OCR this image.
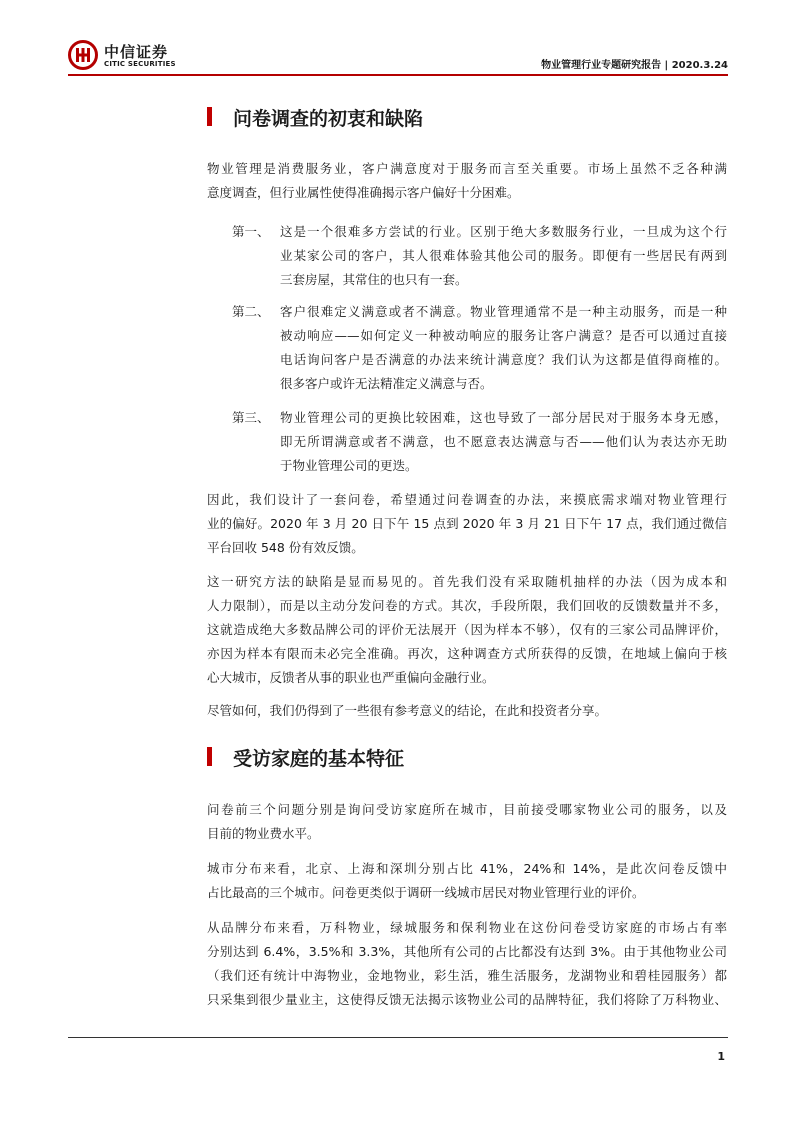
中信证券
CITIC SECURITIES	物业管理行业专题研究报告 | 2020.3.24
问卷调查的初衷和缺陷
物业管理是消费服务业，客户满意度对于服务而言至关重要。市场上虽然不乏各种满
意度调查，但行业属性使得准确揭示客户偏好十分困难。
第一、 这是一个很难多方尝试的行业。区别于绝大多数服务行业，一旦成为这个行
业某家公司的客户，其人很难体验其他公司的服务。即便有一些居民有两到
三套房屋，其常住的也只有一套。
第二、 客户很难定义满意或者不满意。物业管理通常不是一种主动服务，而是一种
被动响应——如何定义一种被动响应的服务让客户满意？是否可以通过直接
电话询问客户是否满意的办法来统计满意度？我们认为这都是值得商榷的。
很多客户或许无法精准定义满意与否。
第三、 物业管理公司的更换比较困难，这也导致了一部分居民对于服务本身无感，
即无所谓满意或者不满意，也不愿意表达满意与否——他们认为表达亦无助
于物业管理公司的更迭。
因此，我们设计了一套问卷，希望通过问卷调查的办法，来摸底需求端对物业管理行
业的偏好。2020 年 3 月 20 日下午 15 点到 2020 年 3 月 21 日下午 17 点，我们通过微信
平台回收 548 份有效反馈。
这一研究方法的缺陷是显而易见的。首先我们没有采取随机抽样的办法（因为成本和
人力限制），而是以主动分发问卷的方式。其次，手段所限，我们回收的反馈数量并不多，
这就造成绝大多数品牌公司的评价无法展开（因为样本不够），仅有的三家公司品牌评价，
亦因为样本有限而未必完全准确。再次，这种调查方式所获得的反馈，在地域上偏向于核
心大城市，反馈者从事的职业也严重偏向金融行业。
尽管如何，我们仍得到了一些很有参考意义的结论，在此和投资者分享。
受访家庭的基本特征
问卷前三个问题分别是询问受访家庭所在城市，目前接受哪家物业公司的服务，以及
目前的物业费水平。
城市分布来看，北京、上海和深圳分别占比 41%，24%和 14%，是此次问卷反馈中
占比最高的三个城市。问卷更类似于调研一线城市居民对物业管理行业的评价。
从品牌分布来看，万科物业，绿城服务和保利物业在这份问卷受访家庭的市场占有率
分别达到 6.4%，3.5%和 3.3%，其他所有公司的占比都没有达到 3%。由于其他物业公司
（我们还有统计中海物业，金地物业，彩生活，雅生活服务，龙湖物业和碧桂园服务）都
只采集到很少量业主，这使得反馈无法揭示该物业公司的品牌特征，我们将除了万科物业、
1
